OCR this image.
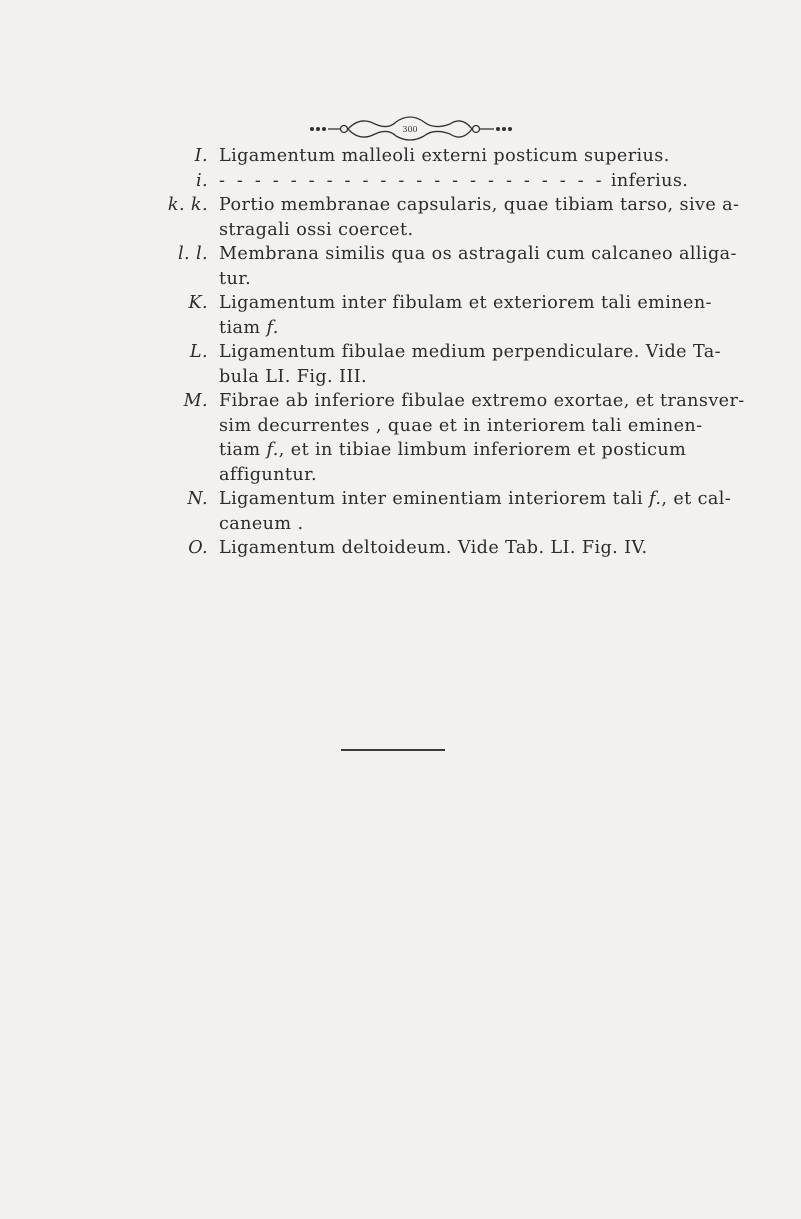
300
I. Ligamentum malleoli externi posticum superius.
i. - - - - - - - - - - - - - - - - - - - - - - inferius.
k. k. Portio membranae capsularis, quae tibiam tarso, sive a-
stragali ossi coercet.
l. l. Membrana similis qua os astragali cum calcaneo alliga-
tur.
K. Ligamentum inter fibulam et exteriorem tali eminen-
tiam f.
L. Ligamentum fibulae medium perpendiculare. Vide Ta-
bula LI. Fig. III.
M. Fibrae ab inferiore fibulae extremo exortae, et transver-
sim decurrentes , quae et in interiorem tali eminen-
tiam f., et in tibiae limbum inferiorem et posticum
affiguntur.
N. Ligamentum inter eminentiam interiorem tali f., et cal-
caneum .
O. Ligamentum deltoideum. Vide Tab. LI. Fig. IV.
